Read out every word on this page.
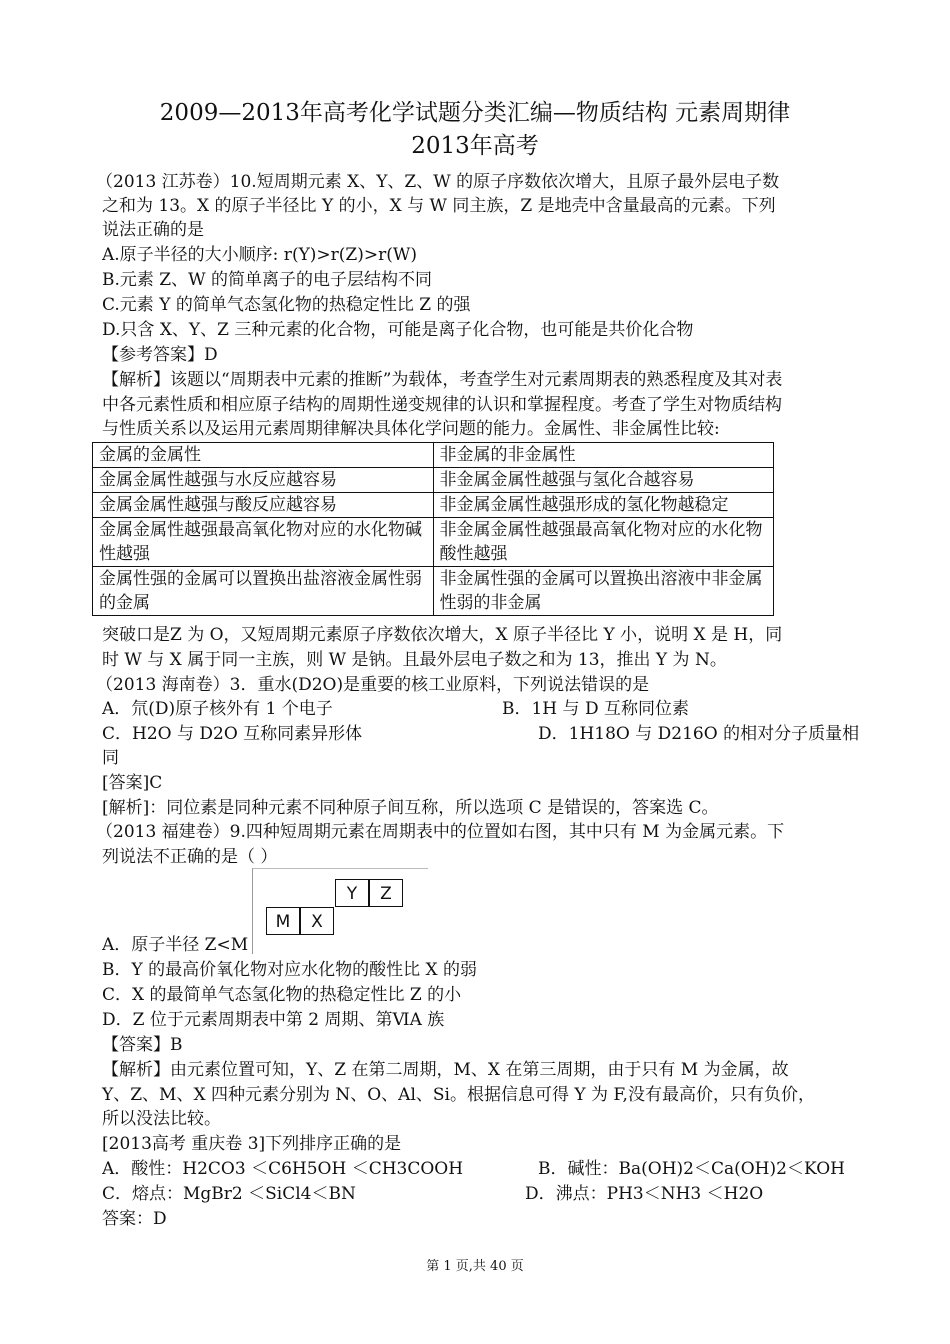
2009—2013年高考化学试题分类汇编—物质结构 元素周期律
2013年高考
（2013 江苏卷）10.短周期元素 X、Y、Z、W 的原子序数依次增大，且原子最外层电子数
之和为 13。X 的原子半径比 Y 的小，X 与 W 同主族，Z 是地壳中含量最高的元素。下列
说法正确的是
A.原子半径的大小顺序: r(Y)>r(Z)>r(W)
B.元素 Z、W 的简单离子的电子层结构不同
C.元素 Y 的简单气态氢化物的热稳定性比 Z 的强
D.只含 X、Y、Z 三种元素的化合物，可能是离子化合物，也可能是共价化合物
【参考答案】D
【解析】该题以“周期表中元素的推断”为载体，考查学生对元素周期表的熟悉程度及其对表
中各元素性质和相应原子结构的周期性递变规律的认识和掌握程度。考查了学生对物质结构
与性质关系以及运用元素周期律解决具体化学问题的能力。金属性、非金属性比较:
金属的金属性	非金属的非金属性
金属金属性越强与水反应越容易	非金属金属性越强与氢化合越容易
金属金属性越强与酸反应越容易	非金属金属性越强形成的氢化物越稳定
金属金属性越强最高氧化物对应的水化物碱性越强	非金属金属性越强最高氧化物对应的水化物酸性越强
金属性强的金属可以置换出盐溶液金属性弱的金属	非金属性强的金属可以置换出溶液中非金属性弱的非金属
突破口是Z 为 O，又短周期元素原子序数依次增大，X 原子半径比 Y 小，说明 X 是 H，同
时 W 与 X 属于同一主族，则 W 是钠。且最外层电子数之和为 13，推出 Y 为 N。
（2013 海南卷）3．重水(D2O)是重要的核工业原料，下列说法错误的是
A．氘(D)原子核外有 1 个电子	B．1H 与 D 互称同位素
C．H2O 与 D2O 互称同素异形体	D．1H18O 与 D216O 的相对分子质量相
同
[答案]C
[解析]：同位素是同种元素不同种原子间互称，所以选项 C 是错误的，答案选 C。
（2013 福建卷）9.四种短周期元素在周期表中的位置如右图，其中只有 M 为金属元素。下
列说法不正确的是（ ）
Y	Z
M	X
A．原子半径 Z<M
B．Y 的最高价氧化物对应水化物的酸性比 X 的弱
C．X 的最简单气态氢化物的热稳定性比 Z 的小
D．Z 位于元素周期表中第 2 周期、第ⅥA 族
【答案】B
【解析】由元素位置可知，Y、Z 在第二周期，M、X 在第三周期，由于只有 M 为金属，故
Y、Z、M、X 四种元素分别为 N、O、Al、Si。根据信息可得 Y 为 F,没有最高价，只有负价，
所以没法比较。
[2013高考 重庆卷 3]下列排序正确的是
A．酸性：H2CO3 ＜C6H5OH ＜CH3COOH	B．碱性：Ba(OH)2＜Ca(OH)2＜KOH
C．熔点：MgBr2 ＜SiCl4＜BN	D．沸点：PH3＜NH3 ＜H2O
答案：D
第 1 页,共 40 页
